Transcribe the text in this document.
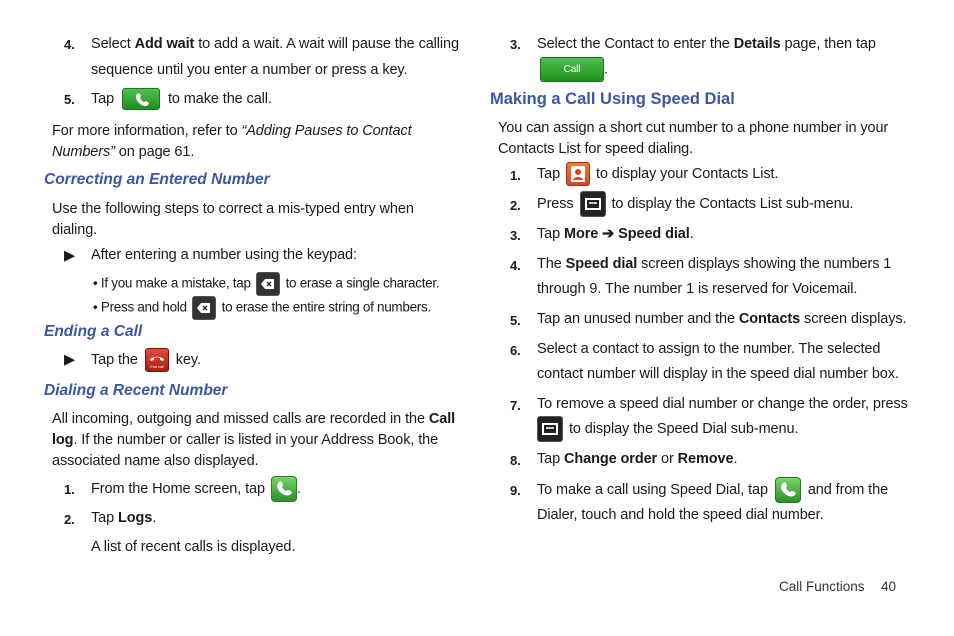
4. Select Add wait to add a wait. A wait will pause the calling
sequence until you enter a number or press a key.
5. Tap	to make the call.
For more information, refer to “Adding Pauses to Contact
Numbers” on page 61.
Correcting an Entered Number
Use the following steps to correct a mis-typed entry when
dialing.
▶ After entering a number using the keypad:
• If you make a mistake, tap	to erase a single character.
• Press and hold	to erase the entire string of numbers.
Ending a Call
▶ Tap the	End call key.
Dialing a Recent Number
All incoming, outgoing and missed calls are recorded in the Call
log. If the number or caller is listed in your Address Book, the
associated name also displayed.
1. From the Home screen, tap .
2. Tap Logs.
A list of recent calls is displayed.
3. Select the Contact to enter the Details page, then tap
Call .
Making a Call Using Speed Dial
You can assign a short cut number to a phone number in your
Contacts List for speed dialing.
1. Tap to display your Contacts List.
2. Press	to display the Contacts List sub-menu.
3. Tap More ➔ Speed dial.
4. The Speed dial screen displays showing the numbers 1
through 9. The number 1 is reserved for Voicemail.
5. Tap an unused number and the Contacts screen displays.
6. Select a contact to assign to the number. The selected
contact number will display in the speed dial number box.
7. To remove a speed dial number or change the order, press
to display the Speed Dial sub-menu.
8. Tap Change order or Remove.
9. To make a call using Speed Dial, tap	and from the
Dialer, touch and hold the speed dial number.
Call Functions 40
